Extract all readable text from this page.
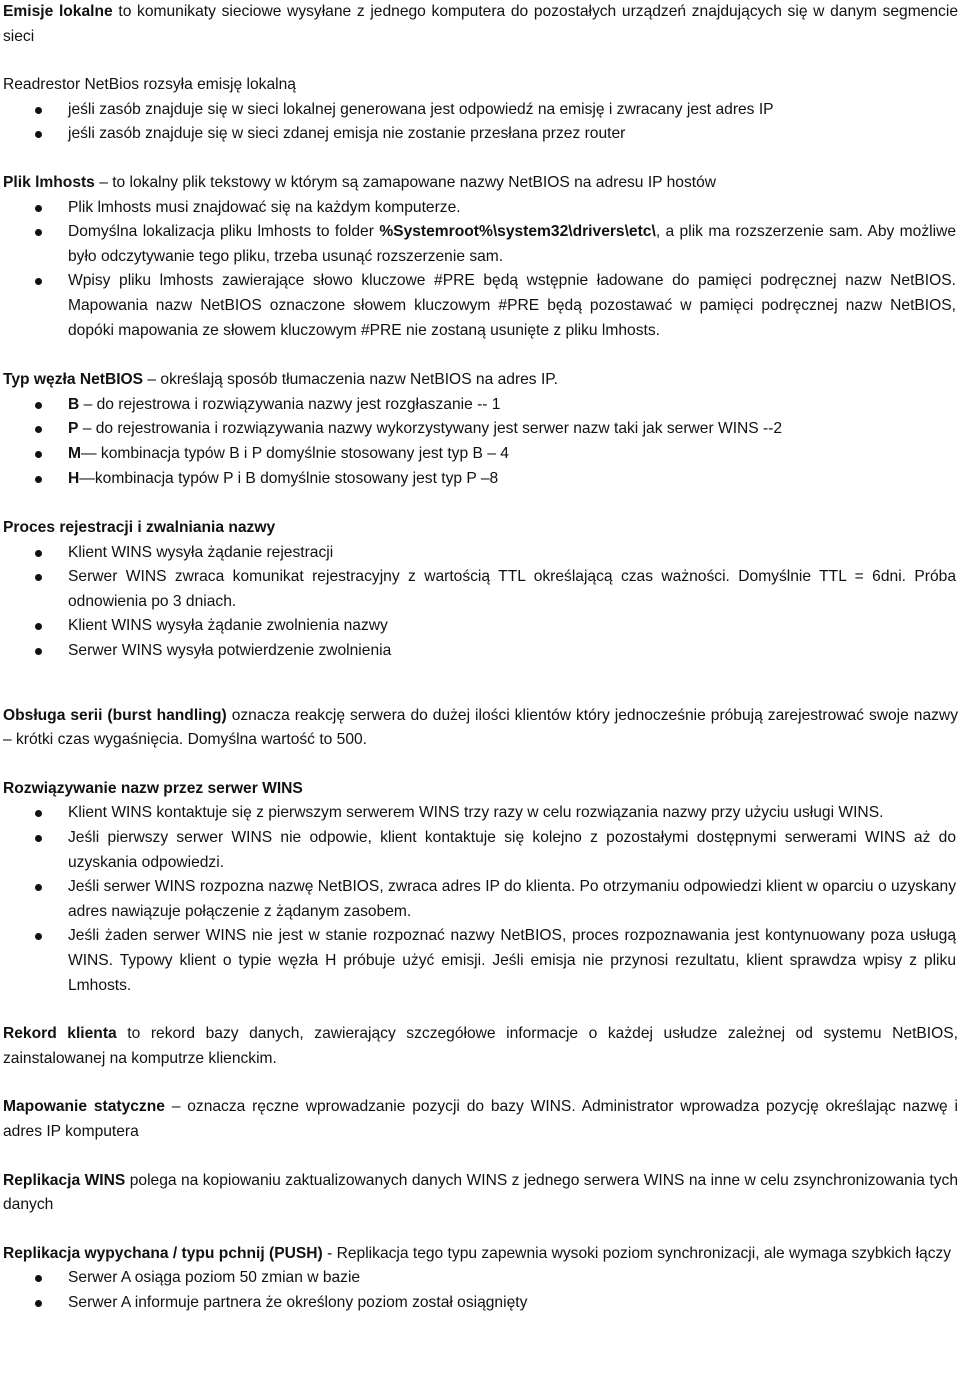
Emisje lokalne to komunikaty sieciowe wysyłane z jednego komputera do pozostałych urządzeń znajdujących się w danym segmencie sieci

Readrestor NetBios rozsyła emisję lokalną

jeśli zasób znajduje się w sieci lokalnej generowana jest odpowiedź na emisję i zwracany jest adres IP
jeśli zasób znajduje się w sieci zdanej emisja nie zostanie przesłana przez router

Plik lmhosts – to lokalny plik tekstowy w którym są zamapowane nazwy NetBIOS na adresu IP hostów

Plik lmhosts musi znajdować się na każdym komputerze.
Domyślna lokalizacja pliku lmhosts to folder %Systemroot%\system32\drivers\etc\, a plik ma rozszerzenie sam. Aby możliwe było odczytywanie tego pliku, trzeba usunąć rozszerzenie sam.
Wpisy pliku lmhosts zawierające słowo kluczowe #PRE będą wstępnie ładowane do pamięci podręcznej nazw NetBIOS. Mapowania nazw NetBIOS oznaczone słowem kluczowym #PRE będą pozostawać w pamięci podręcznej nazw NetBIOS, dopóki mapowania ze słowem kluczowym #PRE nie zostaną usunięte z pliku lmhosts.

Typ węzła NetBIOS – określają sposób tłumaczenia nazw NetBIOS na adres IP.

B – do rejestrowa i rozwiązywania nazwy jest rozgłaszanie -- 1
P – do rejestrowania i rozwiązywania nazwy wykorzystywany jest serwer nazw taki jak serwer WINS --2
M— kombinacja typów B i P domyślnie stosowany jest typ B – 4
H—kombinacja typów P i B domyślnie stosowany jest typ P –8

Proces rejestracji i zwalniania nazwy

Klient WINS wysyła żądanie rejestracji
Serwer WINS zwraca komunikat rejestracyjny z wartością TTL określającą czas ważności. Domyślnie TTL = 6dni. Próba odnowienia po 3 dniach.
Klient WINS wysyła żądanie zwolnienia nazwy
Serwer WINS wysyła potwierdzenie zwolnienia

Obsługa serii (burst handling) oznacza reakcję serwera do dużej ilości klientów który jednocześnie próbują zarejestrować swoje nazwy – krótki czas wygaśnięcia. Domyślna wartość to 500.

Rozwiązywanie nazw przez serwer WINS

Klient WINS kontaktuje się z pierwszym serwerem WINS trzy razy w celu rozwiązania nazwy przy użyciu usługi WINS.
Jeśli pierwszy serwer WINS nie odpowie, klient kontaktuje się kolejno z pozostałymi dostępnymi serwerami WINS aż do uzyskania odpowiedzi.
Jeśli serwer WINS rozpozna nazwę NetBIOS, zwraca adres IP do klienta. Po otrzymaniu odpowiedzi klient w oparciu o uzyskany adres nawiązuje połączenie z żądanym zasobem.
Jeśli żaden serwer WINS nie jest w stanie rozpoznać nazwy NetBIOS, proces rozpoznawania jest kontynuowany poza usługą WINS. Typowy klient o typie węzła H próbuje użyć emisji. Jeśli emisja nie przynosi rezultatu, klient sprawdza wpisy z pliku Lmhosts.

Rekord klienta to rekord bazy danych, zawierający szczegółowe informacje o każdej usłudze zależnej od systemu NetBIOS, zainstalowanej na komputrze klienckim.

Mapowanie statyczne – oznacza ręczne wprowadzanie pozycji do bazy WINS. Administrator wprowadza pozycję określając nazwę i adres IP komputera

Replikacja WINS polega na kopiowaniu zaktualizowanych danych WINS z jednego serwera WINS na inne w celu zsynchronizowania tych danych

Replikacja wypychana / typu pchnij (PUSH) - Replikacja tego typu zapewnia wysoki poziom synchronizacji, ale wymaga szybkich łączy

Serwer A osiąga poziom 50 zmian w bazie
Serwer A informuje partnera że określony poziom został osiągnięty
